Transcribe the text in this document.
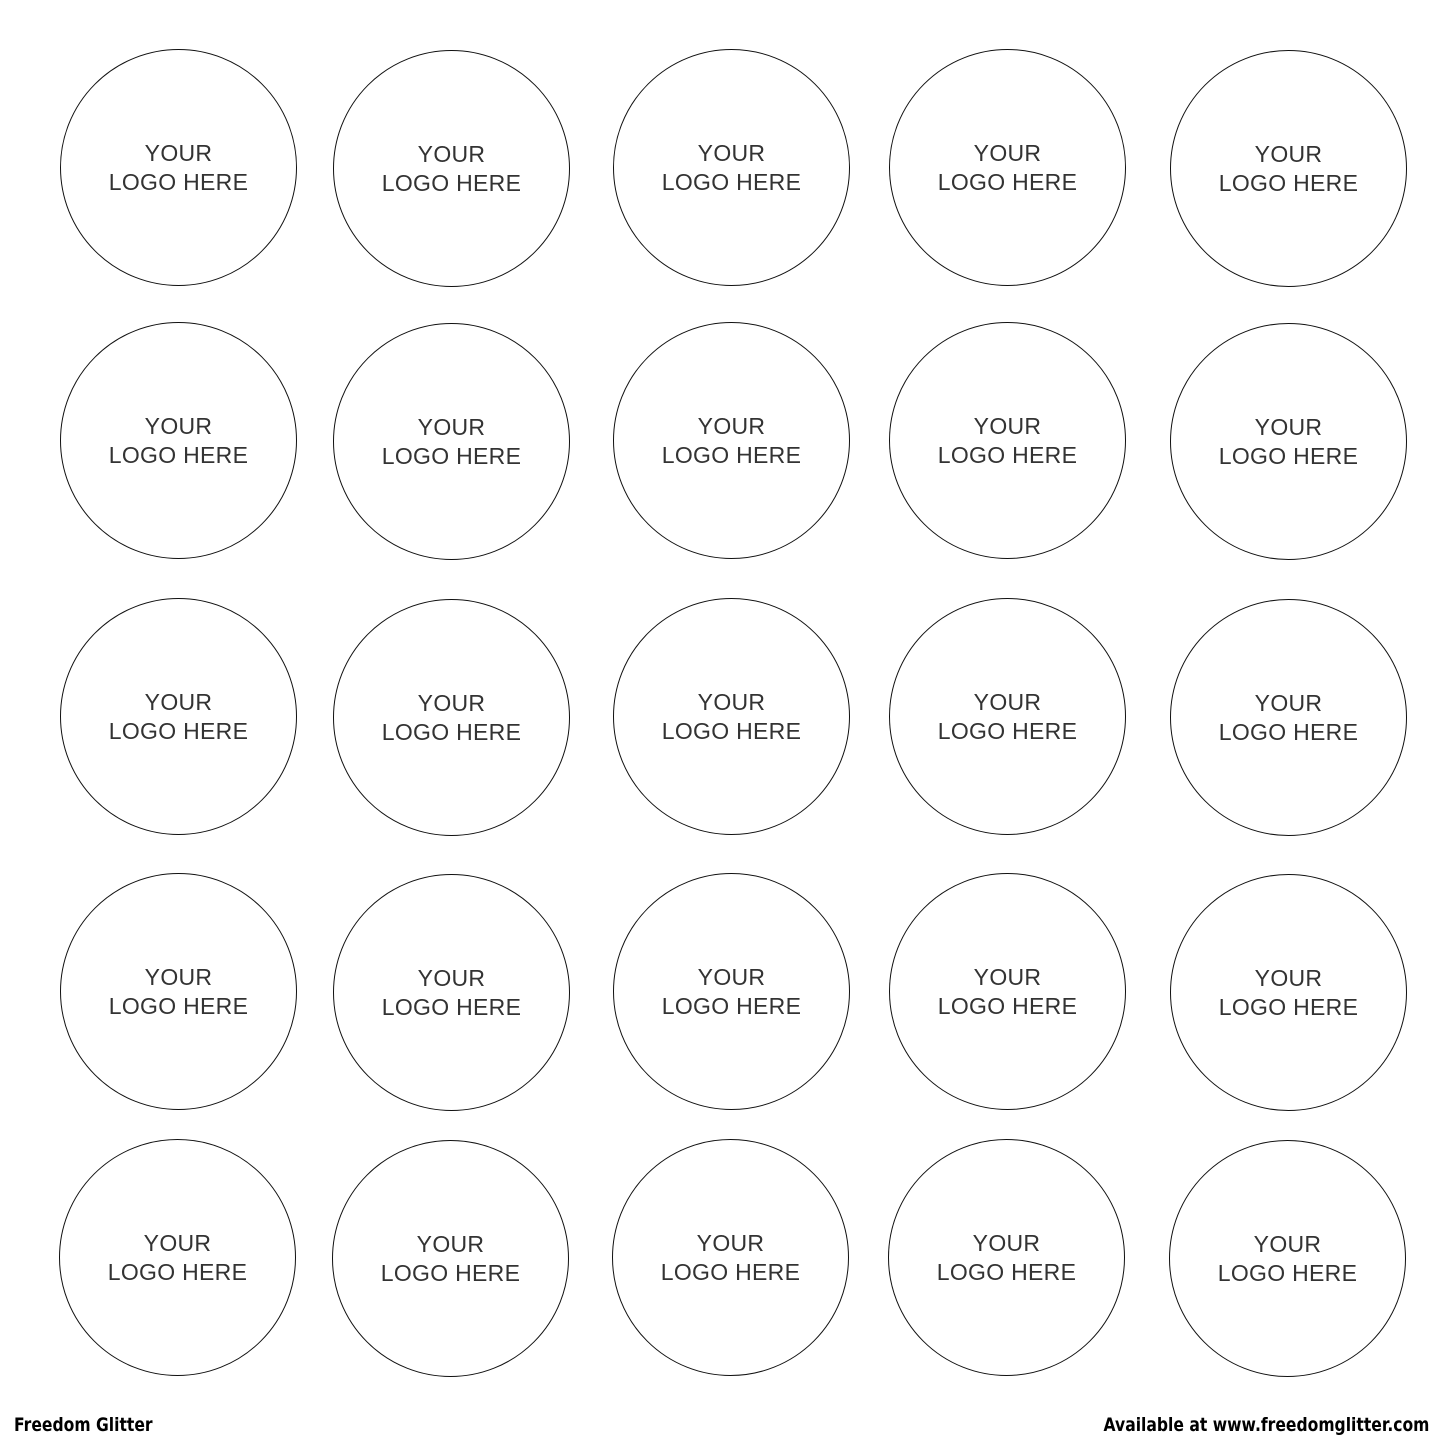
YOUR
LOGO HERE
YOUR
LOGO HERE
YOUR
LOGO HERE
YOUR
LOGO HERE
YOUR
LOGO HERE
YOUR
LOGO HERE
YOUR
LOGO HERE
YOUR
LOGO HERE
YOUR
LOGO HERE
YOUR
LOGO HERE
YOUR
LOGO HERE
YOUR
LOGO HERE
YOUR
LOGO HERE
YOUR
LOGO HERE
YOUR
LOGO HERE
YOUR
LOGO HERE
YOUR
LOGO HERE
YOUR
LOGO HERE
YOUR
LOGO HERE
YOUR
LOGO HERE
YOUR
LOGO HERE
YOUR
LOGO HERE
YOUR
LOGO HERE
YOUR
LOGO HERE
YOUR
LOGO HERE
Freedom Glitter	Available at www.freedomglitter.com
